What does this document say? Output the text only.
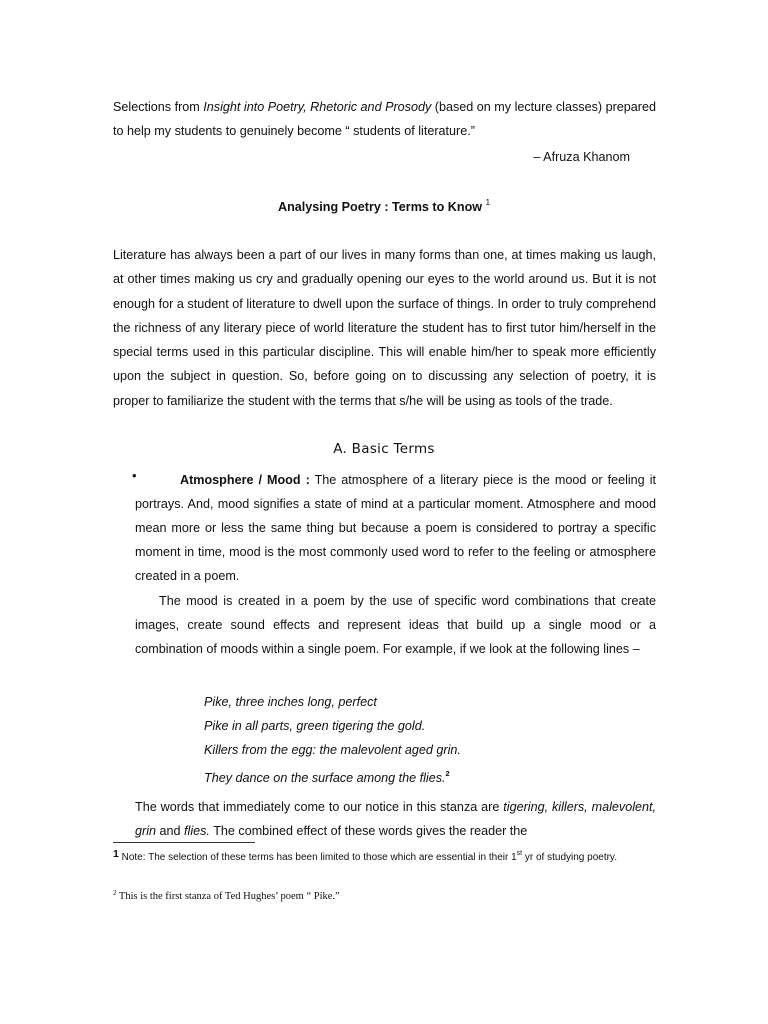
Selections from Insight into Poetry, Rhetoric and Prosody (based on my lecture classes) prepared to help my students to genuinely become “ students of literature.”

– Afruza Khanom

Analysing Poetry : Terms to Know $^1$

Literature has always been a part of our lives in many forms than one, at times making us laugh, at other times making us cry and gradually opening our eyes to the world around us. But it is not enough for a student of literature to dwell upon the surface of things. In order to truly comprehend the richness of any literary piece of world literature the student has to first tutor him/herself in the special terms used in this particular discipline. This will enable him/her to speak more efficiently upon the subject in question. So, before going on to discussing any selection of poetry, it is proper to familiarize the student with the terms that s/he will be using as tools of the trade.

A. Basic Terms

•	Atmosphere / Mood : The atmosphere of a literary piece is the mood or feeling it portrays. And, mood signifies a state of mind at a particular moment. Atmosphere and mood mean more or less the same thing but because a poem is considered to portray a specific moment in time, mood is the most commonly used word to refer to the feeling or atmosphere created in a poem.

The mood is created in a poem by the use of specific word combinations that create images, create sound effects and represent ideas that build up a single mood or a combination of moods within a single poem. For example, if we look at the following lines –

Pike, three inches long, perfect
Pike in all parts, green tigering the gold.
Killers from the egg: the malevolent aged grin.
They dance on the surface among the flies.$^2$

The words that immediately come to our notice in this stanza are tigering, killers, malevolent, grin and flies. The combined effect of these words gives the reader the

1 Note: The selection of these terms has been limited to those which are essential in their 1st yr of studying poetry.

$^2$ This is the first stanza of Ted Hughes’ poem “ Pike.”
